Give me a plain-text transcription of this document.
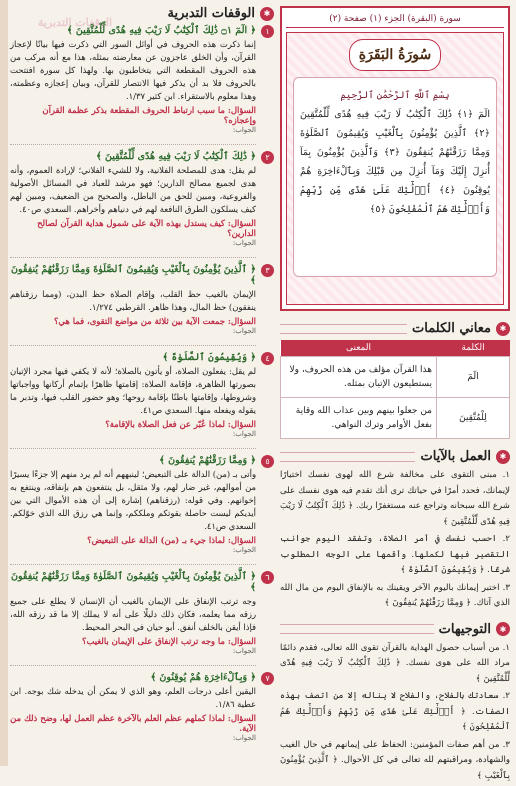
سورة (البقرة) الجزء (١) صفحة (٢)
سُورَةُ البَقَرَةِ
بِسْمِ ٱللَّهِ ٱلرَّحْمَٰنِ ٱلرَّحِيمِ
الٓمٓ ﴿١﴾ ذَٰلِكَ ٱلْكِتَٰبُ لَا رَيْبَ فِيهِ هُدًى لِّلْمُتَّقِينَ ﴿٢﴾ ٱلَّذِينَ يُؤْمِنُونَ بِٱلْغَيْبِ وَيُقِيمُونَ ٱلصَّلَوٰةَ وَمِمَّا رَزَقْنَٰهُمْ يُنفِقُونَ ﴿٣﴾ وَٱلَّذِينَ يُؤْمِنُونَ بِمَآ أُنزِلَ إِلَيْكَ وَمَآ أُنزِلَ مِن قَبْلِكَ وَبِٱلْءَاخِرَةِ هُمْ يُوقِنُونَ ﴿٤﴾ أُو۟لَٰٓئِكَ عَلَىٰ هُدًى مِّن رَّبِّهِمْ وَأُو۟لَٰٓئِكَ هُمُ ٱلْمُفْلِحُونَ ﴿٥﴾
✱
معاني الكلمات
الكلمة	المعنى
الٓمٓ	هذا القرآن مؤلف من هذه الحروف، ولا يستطيعون الإتيان بمثله.
لِلْمُتَّقِينَ	من جعلوا بينهم وبين عذاب الله وقاية بفعل الأوامر وترك النواهي.
✱
العمل بالآيات

١. مبنى التقوى على مخالفة شرع الله لهوى نفسك اختيارًا لإيمانك، فحدد أمرًا في حياتك ترى أنك تقدم فيه هوى نفسك على شرع الله سبحانه وتراجع عنه مستغفرًا ربك. ﴿ ذَٰلِكَ ٱلْكِتَٰبُ لَا رَيْبَ فِيهِ هُدًى لِّلْمُتَّقِينَ ﴾

٢. احسب نفسك في أمر الصلاة، وتفقد اليوم جوانب التقصير فيها لكملها. وأقمها على الوجه المطلوب شرعًا. ﴿ وَيُقِيمُونَ ٱلصَّلَوٰةَ ﴾

٣. اختبر إيمانك باليوم الآخر ويقينك به بالإنفاق اليوم من مال الله الذي آتاك. ﴿ وَمِمَّا رَزَقْنَٰهُمْ يُنفِقُونَ ﴾

✱
التوجيهات

١. من أسباب حصول الهداية بالقرآن تقوى الله تعالى، فقدم دائمًا مراد الله على هوى نفسك. ﴿ ذَٰلِكَ ٱلْكِتَٰبُ لَا رَيْبَ فِيهِ هُدًى لِّلْمُتَّقِينَ ﴾

٢. سعادتك بالفلاح، والفلاح لا يناله إلا من اتصف بهذه الصفات. ﴿ أُو۟لَٰٓئِكَ عَلَىٰ هُدًى مِّن رَّبِّهِمْ وَأُو۟لَٰٓئِكَ هُمُ ٱلْمُفْلِحُونَ ﴾

٣. من أهم صفات المؤمنين: الحفاظ على إيمانهم في حال الغيب والشهادة، ومراقبتهم لله تعالى في كل الأحوال. ﴿ ٱلَّذِينَ يُؤْمِنُونَ بِٱلْغَيْبِ ﴾

الوقفات التدبرية
✱
الوقفات التدبرية
١

﴿ الٓمٓ ۝١ ذَٰلِكَ ٱلْكِتَٰبُ لَا رَيْبَ فِيهِ هُدًى لِّلْمُتَّقِينَ ﴾

إنما ذكرت هذه الحروف في أوائل السور التي ذكرت فيها بيانًا لإعجاز القرآن، وأن الخلق عاجزون عن معارضته بمثله، هذا مع أنه مركب من هذه الحروف المقطعة التي يتخاطبون بها. ولهذا كل سورة افتتحت بالحروف فلا بد أن يذكر فيها الانتصار للقرآن، وبيان إعجازه وعظمته، وهذا معلوم بالاستقراء. ابن كثير ١/٣٧.

السؤال: ما سبب ارتباط الحروف المقطعة بذكر عظمة القرآن وإعجازه؟

الجواب:

٢

﴿ ذَٰلِكَ ٱلْكِتَٰبُ لَا رَيْبَ فِيهِ هُدًى لِّلْمُتَّقِينَ ﴾

لم يقل: هدى للمصلحة الفلانية، ولا للشيء الفلاني؛ لإرادة العموم، وأنه هدى لجميع مصالح الدارين؛ فهو مرشد للعباد في المسائل الأصولية والفروعية، ومبين للحق من الباطل، والصحيح من الضعيف، ومبين لهم كيف يسلكون الطرق النافعة لهم في دنياهم وأخراهم. السعدي ص٤٠.

السؤال: كيف يستدل بهذه الآية على شمول هداية القرآن لصالح الدارين؟

الجواب:

٣

﴿ ٱلَّذِينَ يُؤْمِنُونَ بِٱلْغَيْبِ وَيُقِيمُونَ ٱلصَّلَوٰةَ وَمِمَّا رَزَقْنَٰهُمْ يُنفِقُونَ ﴾

الإيمان بالغيب حظ القلب، وإقام الصلاة حظ البدن، (ومما رزقناهم ينفقون) حظ المال، وهذا ظاهر. القرطبي ١/٢٧٤.

السؤال: جمعت الآية بين ثلاثة من مواضع التقوى، فما هي؟

الجواب:

٤

﴿ وَيُقِيمُونَ ٱلصَّلَوٰةَ ﴾

لم يقل: يفعلون الصلاة، أو يأتون بالصلاة؛ لأنه لا يكفي فيها مجرد الإتيان بصورتها الظاهرة، فإقامة الصلاة: إقامتها ظاهرًا بإتمام أركانها وواجباتها وشروطها، وإقامتها باطنًا بإقامة روحها؛ وهو حضور القلب فيها، وتدبر ما يقوله ويفعله منها. السعدي ص٤١.

السؤال: لماذا عُبّر عن فعل الصلاة بالإقامة؟

الجواب:

٥

﴿ وَمِمَّا رَزَقْنَٰهُمْ يُنفِقُونَ ﴾

وأتى بـ (من) الدالة على التبعيض؛ لينبههم أنه لم يرد منهم إلا جزءًا يسيرًا من أموالهم، غير ضار لهم، ولا مثقل، بل ينتفعون هم بإنفاقه، وينتفع به إخوانهم. وفي قوله: (رزقناهم) إشارة إلى أن هذه الأموال التي بين أيديكم ليست حاصلة بقوتكم وملككم، وإنما هي رزق الله الذي خوّلكم. السعدي ص٤١.

السؤال: لماذا جيء بـ (من) الدالة على التبعيض؟

الجواب:

٦

﴿ ٱلَّذِينَ يُؤْمِنُونَ بِٱلْغَيْبِ وَيُقِيمُونَ ٱلصَّلَوٰةَ وَمِمَّا رَزَقْنَٰهُمْ يُنفِقُونَ ﴾

وجه ترتب الإنفاق على الإيمان بالغيب أن الإنسان لا يطلع على جميع رزقه مما يعلمه، فكان ذلك دليلًا على أنه لا يملك إلا ما قد رزقه الله، فإذا أيقن بالخلف أنفق. أبو حيان في البحر المحيط.

السؤال: ما وجه ترتب الإنفاق على الإيمان بالغيب؟

الجواب:

٧

﴿ وَبِٱلْءَاخِرَةِ هُمْ يُوقِنُونَ ﴾

اليقين أعلى درجات العلم، وهو الذي لا يمكن أن يدخله شك بوجه. ابن عطية ١/٨٦.

السؤال: لماذا كملهم عظم العلم بالآخرة عظم العمل لها، وضح ذلك من الآية.

الجواب:
